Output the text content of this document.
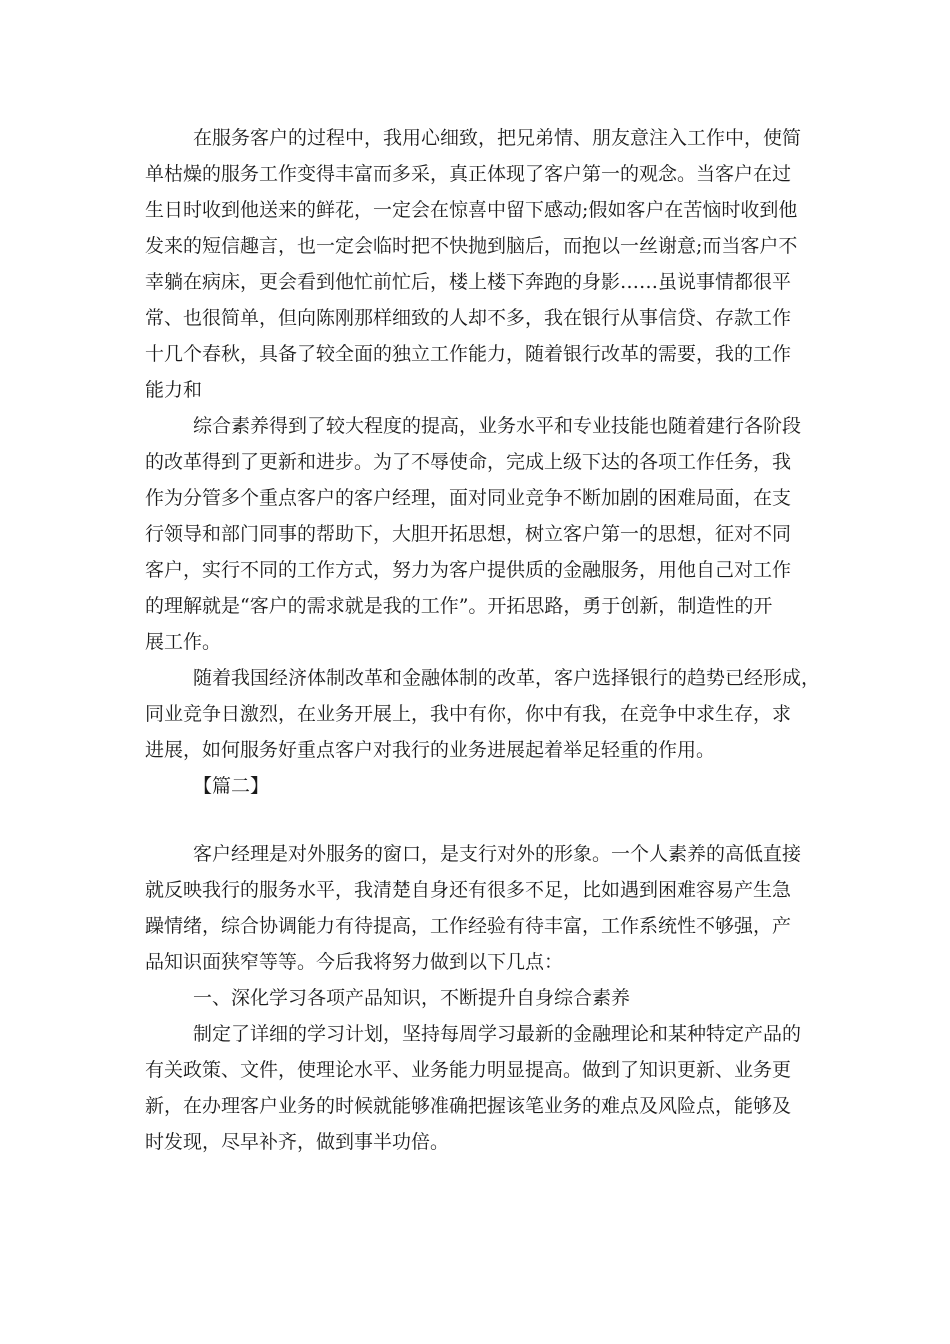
在服务客户的过程中，我用心细致，把兄弟情、朋友意注入工作中，使简

单枯燥的服务工作变得丰富而多采，真正体现了客户第一的观念。当客户在过

生日时收到他送来的鲜花，一定会在惊喜中留下感动;假如客户在苦恼时收到他

发来的短信趣言，也一定会临时把不快抛到脑后，而抱以一丝谢意;而当客户不

幸躺在病床，更会看到他忙前忙后，楼上楼下奔跑的身影……虽说事情都很平

常、也很简单，但向陈刚那样细致的人却不多，我在银行从事信贷、存款工作

十几个春秋，具备了较全面的独立工作能力，随着银行改革的需要，我的工作

能力和

综合素养得到了较大程度的提高，业务水平和专业技能也随着建行各阶段

的改革得到了更新和进步。为了不辱使命，完成上级下达的各项工作任务，我

作为分管多个重点客户的客户经理，面对同业竞争不断加剧的困难局面，在支

行领导和部门同事的帮助下，大胆开拓思想，树立客户第一的思想，征对不同

客户，实行不同的工作方式，努力为客户提供质的金融服务，用他自己对工作

的理解就是“客户的需求就是我的工作”。开拓思路，勇于创新，制造性的开

展工作。

随着我国经济体制改革和金融体制的改革，客户选择银行的趋势已经形成，

同业竞争日激烈，在业务开展上，我中有你，你中有我，在竞争中求生存，求

进展，如何服务好重点客户对我行的业务进展起着举足轻重的作用。

【篇二】

客户经理是对外服务的窗口，是支行对外的形象。一个人素养的高低直接

就反映我行的服务水平，我清楚自身还有很多不足，比如遇到困难容易产生急

躁情绪，综合协调能力有待提高，工作经验有待丰富，工作系统性不够强，产

品知识面狭窄等等。今后我将努力做到以下几点：

一、深化学习各项产品知识，不断提升自身综合素养

制定了详细的学习计划，坚持每周学习最新的金融理论和某种特定产品的

有关政策、文件，使理论水平、业务能力明显提高。做到了知识更新、业务更

新，在办理客户业务的时候就能够准确把握该笔业务的难点及风险点，能够及

时发现，尽早补齐，做到事半功倍。
